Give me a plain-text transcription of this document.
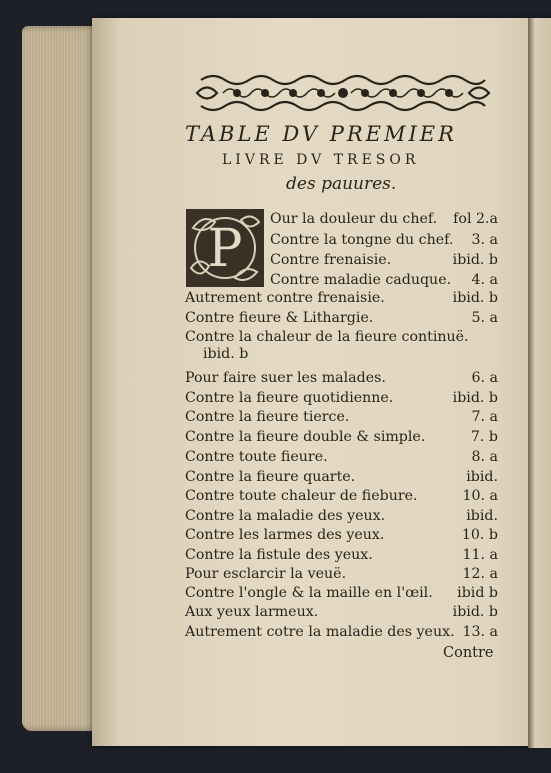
TABLE DV PREMIER
LIVRE DV TRESOR
des pauures.
P Our la douleur du chef. fol 2.a
Contre la tongne du chef. 3. a
Contre frenaisie.	ibid. b
Contre maladie caduque. 4. a
Autrement contre frenaisie.	ibid. b
Contre fieure & Lithargie.	5. a
Contre la chaleur de la fieure continuë.
ibid. b
Pour faire suer les malades.	6. a
Contre la fieure quotidienne.	ibid. b
Contre la fieure tierce.	7. a
Contre la fieure double & simple.	7. b
Contre toute fieure.	8. a
Contre la fieure quarte.	ibid.
Contre toute chaleur de fiebure.	10. a
Contre la maladie des yeux.	ibid.
Contre les larmes des yeux.	10. b
Contre la fistule des yeux.	11. a
Pour esclarcir la veuë.	12. a
Contre l'ongle & la maille en l'œil. ibid b
Aux yeux larmeux.	ibid. b
Autrement cotre la maladie des yeux. 13. a
Contre
